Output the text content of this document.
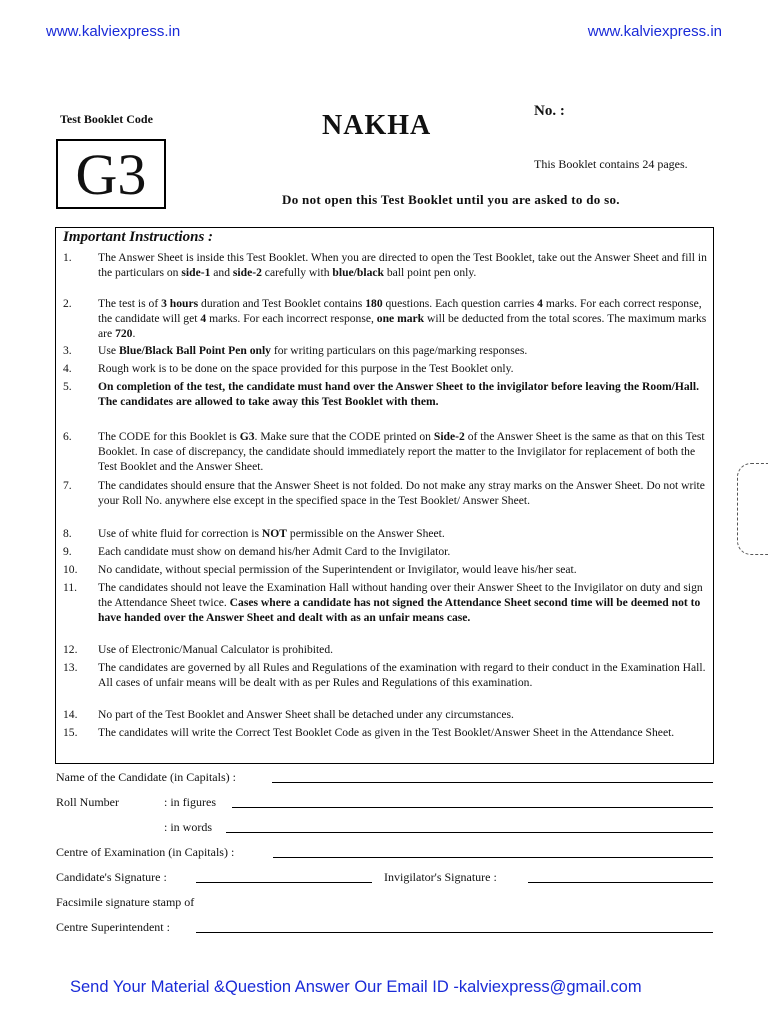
www.kalviexpress.in	www.kalviexpress.in
Test Booklet Code
G3
NAKHA	No. :
This Booklet contains 24 pages.
Do not open this Test Booklet until you are asked to do so.
Important Instructions :
1.	The Answer Sheet is inside this Test Booklet. When you are directed to open the Test Booklet, take out the Answer Sheet and fill in the particulars on side-1 and side-2 carefully with blue/black ball point pen only.
2.	The test is of 3 hours duration and Test Booklet contains 180 questions. Each question carries 4 marks. For each correct response, the candidate will get 4 marks. For each incorrect response, one mark will be deducted from the total scores. The maximum marks are 720.
3.	Use Blue/Black Ball Point Pen only for writing particulars on this page/marking responses.
4.	Rough work is to be done on the space provided for this purpose in the Test Booklet only.
5.	On completion of the test, the candidate must hand over the Answer Sheet to the invigilator before leaving the Room/Hall. The candidates are allowed to take away this Test Booklet with them.
6.	The CODE for this Booklet is G3. Make sure that the CODE printed on Side-2 of the Answer Sheet is the same as that on this Test Booklet. In case of discrepancy, the candidate should immediately report the matter to the Invigilator for replacement of both the Test Booklet and the Answer Sheet.
7.	The candidates should ensure that the Answer Sheet is not folded. Do not make any stray marks on the Answer Sheet. Do not write your Roll No. anywhere else except in the specified space in the Test Booklet/ Answer Sheet.
8.	Use of white fluid for correction is NOT permissible on the Answer Sheet.
9.	Each candidate must show on demand his/her Admit Card to the Invigilator.
10.	No candidate, without special permission of the Superintendent or Invigilator, would leave his/her seat.
11.	The candidates should not leave the Examination Hall without handing over their Answer Sheet to the Invigilator on duty and sign the Attendance Sheet twice. Cases where a candidate has not signed the Attendance Sheet second time will be deemed not to have handed over the Answer Sheet and dealt with as an unfair means case.
12.	Use of Electronic/Manual Calculator is prohibited.
13.	The candidates are governed by all Rules and Regulations of the examination with regard to their conduct in the Examination Hall. All cases of unfair means will be dealt with as per Rules and Regulations of this examination.
14.	No part of the Test Booklet and Answer Sheet shall be detached under any circumstances.
15.	The candidates will write the Correct Test Booklet Code as given in the Test Booklet/Answer Sheet in the Attendance Sheet.
Name of the Candidate (in Capitals) :
Roll Number	: in figures
: in words
Centre of Examination (in Capitals) :
Candidate's Signature :	Invigilator's Signature :
Facsimile signature stamp of
Centre Superintendent :
Send Your Material &Question Answer Our Email ID -kalviexpress@gmail.com
